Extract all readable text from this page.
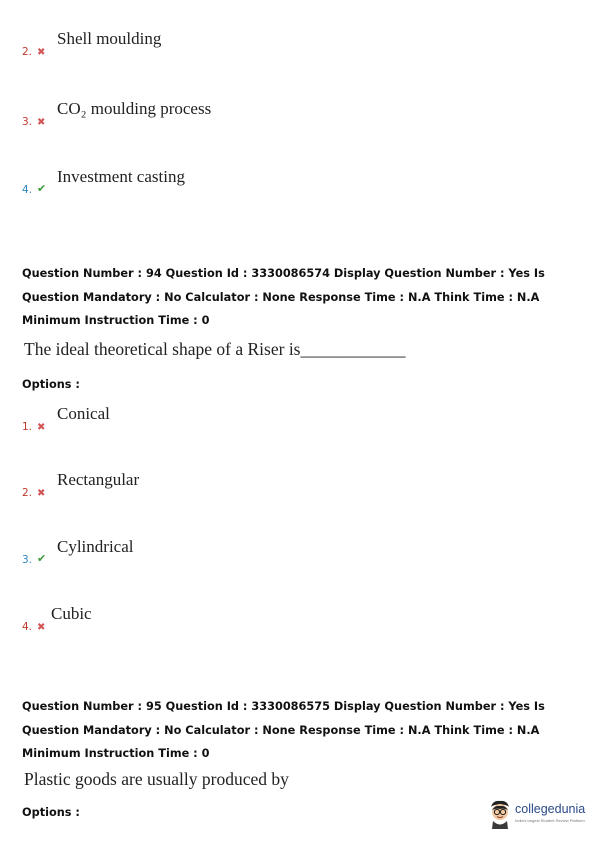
2. ✖
Shell moulding
3. ✖
CO₂ moulding process
4. ✔
Investment casting
Question Number : 94 Question Id : 3330086574 Display Question Number : Yes Is Question Mandatory : No Calculator : None Response Time : N.A Think Time : N.A Minimum Instruction Time : 0
The ideal theoretical shape of a Riser is____________
Options :
1. ✖
Conical
2. ✖
Rectangular
3. ✔
Cylindrical
4. ✖
Cubic
Question Number : 95 Question Id : 3330086575 Display Question Number : Yes Is Question Mandatory : No Calculator : None Response Time : N.A Think Time : N.A Minimum Instruction Time : 0
Plastic goods are usually produced by
Options :	collegedunia
India's largest Student Review Platform
